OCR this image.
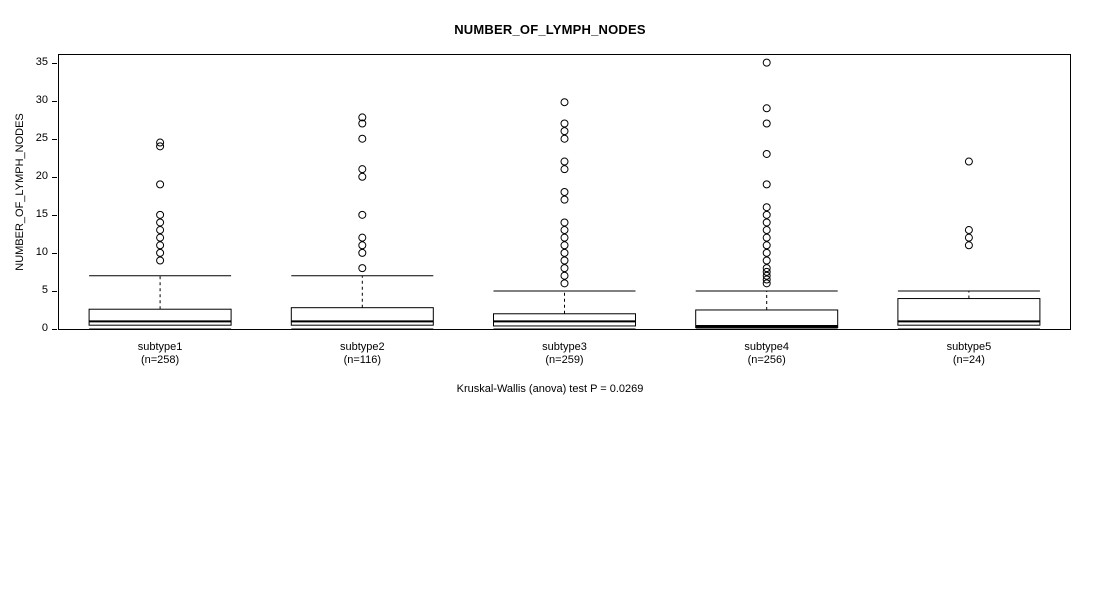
NUMBER_OF_LYMPH_NODES
NUMBER_OF_LYMPH_NODES
0
5
10
15
20
25
30
35
subtype1
(n=258)
subtype2
(n=116)
subtype3
(n=259)
subtype4
(n=256)
subtype5
(n=24)
Kruskal-Wallis (anova) test P = 0.0269
